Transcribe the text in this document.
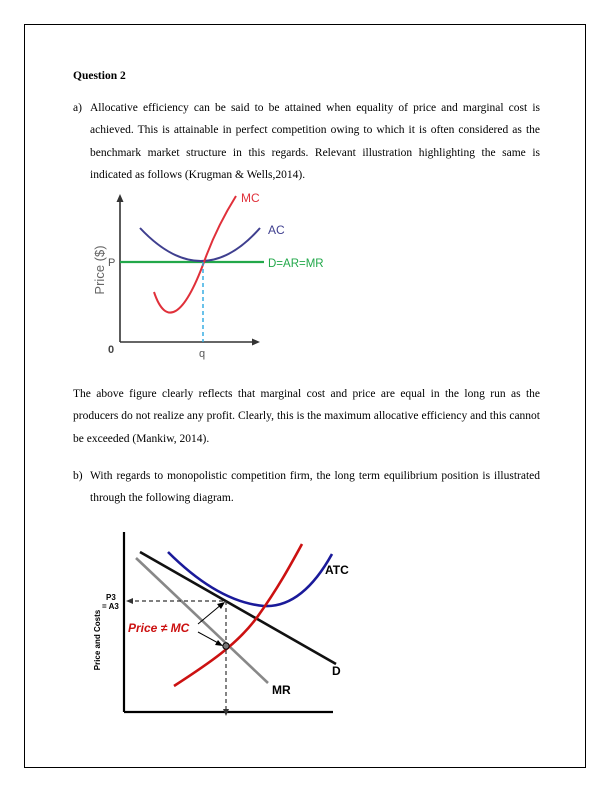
Question 2
a) Allocative efficiency can be said to be attained when equality of price and marginal cost is achieved. This is attainable in perfect competition owing to which it is often considered as the benchmark market structure in this regards. Relevant illustration highlighting the same is indicated as follows (Krugman & Wells,2014).
Price ($) P
0	q
MC
AC
D=AR=MR
The above figure clearly reflects that marginal cost and price are equal in the long run as the producers do not realize any profit. Clearly, this is the maximum allocative efficiency and this cannot be exceeded (Mankiw, 2014).
b) With regards to monopolistic competition firm, the long term equilibrium position is illustrated through the following diagram.
Price and Costs
P3
= A3
Price ≠ MC
ATC
D
MR
